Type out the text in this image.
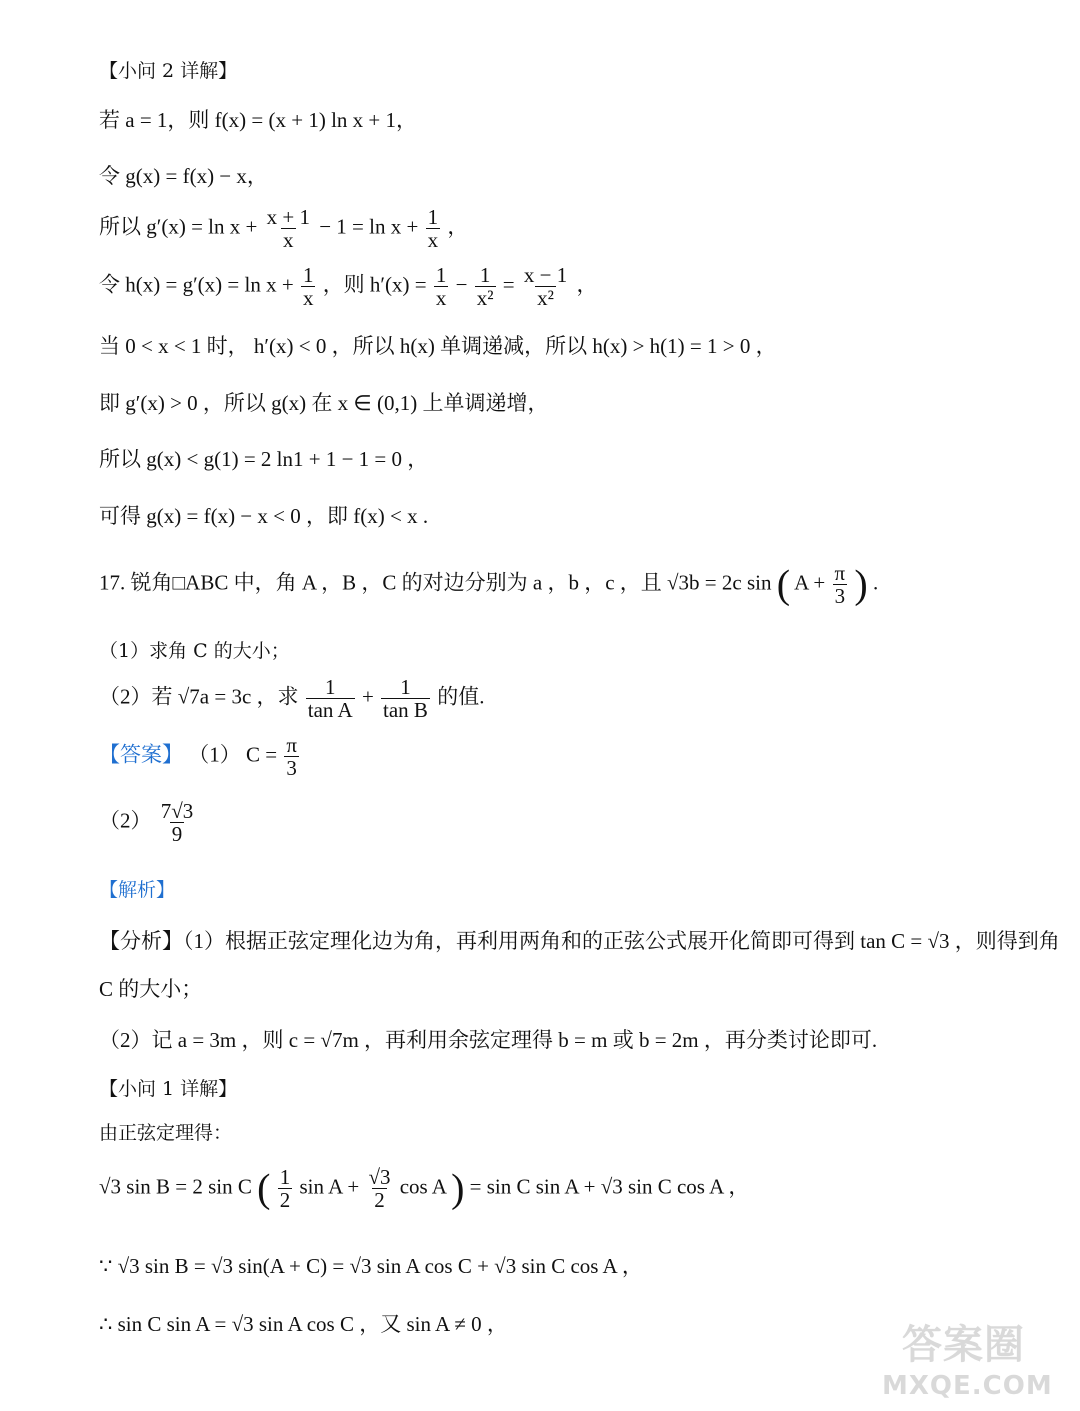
【小问 2 详解】
若 a = 1，则 f(x) = (x + 1) ln x + 1，
令 g(x) = f(x) − x，
所以 $g'(x) = \ln x + \frac{x + 1}{x} - 1 = \ln x + \frac{1}{x}$ ，
令 $h(x) = g'(x) = \ln x + \frac{1}{x}$ ，则 $h'(x) = \frac{1}{x} - \frac{1}{\text{x²}} = \frac{x - 1}{\text{x²}}$ ，
当 0 < x < 1 时， h′(x) < 0 ，所以 h(x) 单调递减，所以 h(x) > h(1) = 1 > 0 ，
即 g′(x) > 0 ，所以 g(x) 在 x ∈ (0,1) 上单调递增，
所以 g(x) < g(1) = 2 ln1 + 1 − 1 = 0 ，
可得 g(x) = f(x) − x < 0 ，即 f(x) < x .
17. 锐角□ABC 中，角 A ，B ，C 的对边分别为 a ，b ，c ，且 √3b = 2c sin ( $A + \frac{\pi}{3}$ ) .
（1）求角 C 的大小；
（2）若 √7a = 3c ，求 $\frac{1}{\text{tan A}} + \frac{1}{\text{tan B}}$ 的值.
【答案】 （1） $C = \frac{\pi}{3}$
$(2) \frac{7√3}{9}$
【解析】
【分析】（1）根据正弦定理化边为角，再利用两角和的正弦公式展开化简即可得到 tan C = √3 ，则得到角
C 的大小；
（2）记 a = 3m ，则 c = √7m ，再利用余弦定理得 b = m 或 b = 2m ，再分类讨论即可.
【小问 1 详解】
由正弦定理得：
√3 sin B = 2 sin C ( $\frac{1}{2}$ $\sin A + \frac{√3}{2}$ cos A ) = sin C sin A + √3 sin C cos A ，
∵ √3 sin B = √3 sin(A + C) = √3 sin A cos C + √3 sin C cos A ，
∴ sin C sin A = √3 sin A cos C ，又 sin A ≠ 0 ，	答案圈
MXQE.COM
